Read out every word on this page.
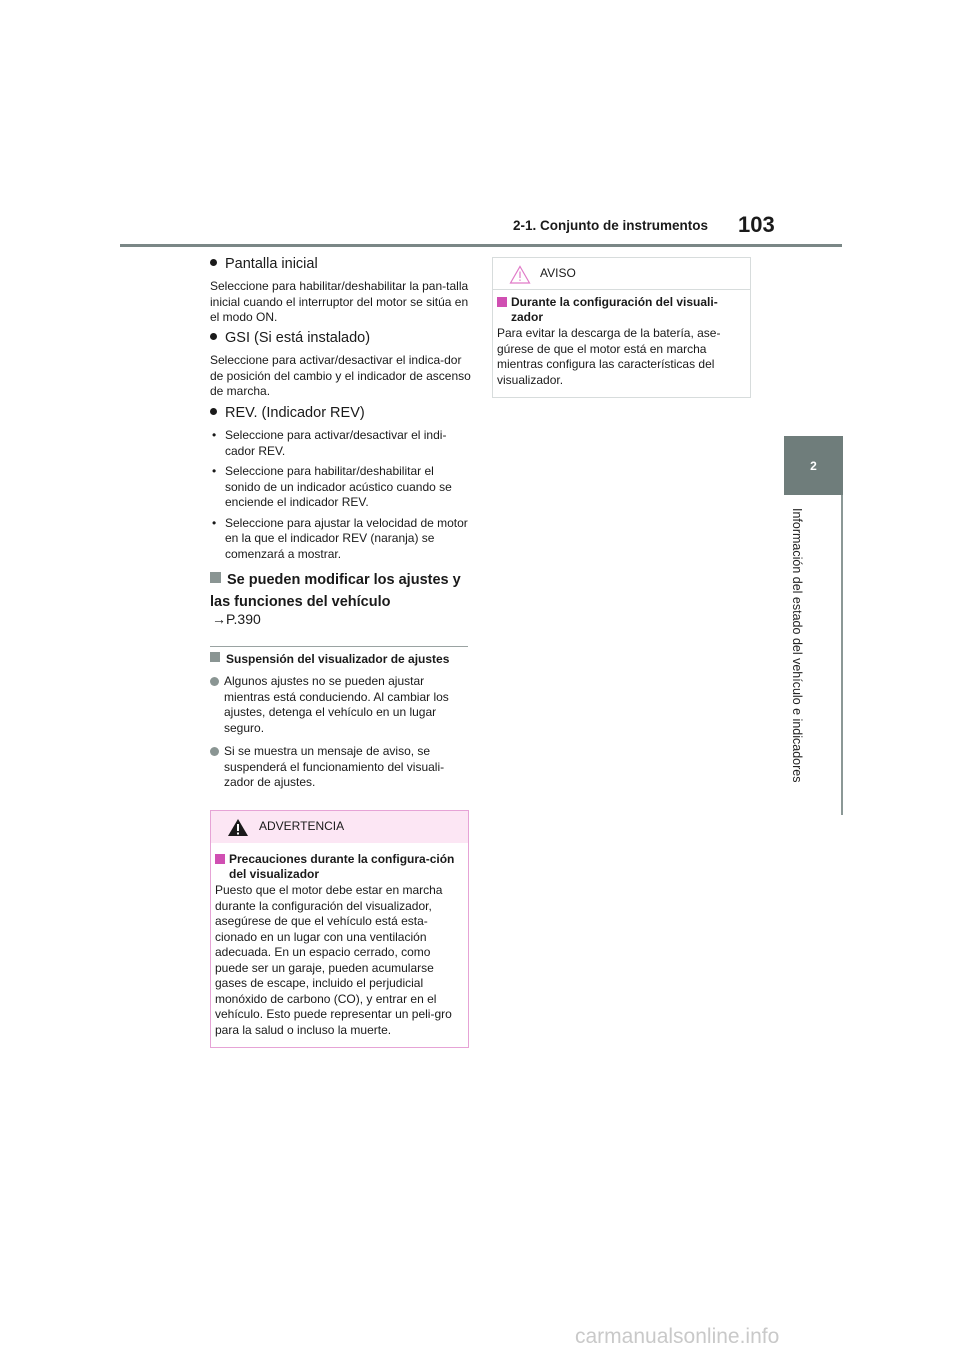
2-1. Conjunto de instrumentos 103
2
Información del estado del vehículo e indicadores
Pantalla inicial
Seleccione para habilitar/deshabilitar la pan-talla inicial cuando el interruptor del motor se sitúa en el modo ON.
GSI (Si está instalado)
Seleccione para activar/desactivar el indica-dor de posición del cambio y el indicador de ascenso de marcha.
REV. (Indicador REV)
• Seleccione para activar/desactivar el indi-cador REV.
• Seleccione para habilitar/deshabilitar el sonido de un indicador acústico cuando se enciende el indicador REV.
• Seleccione para ajustar la velocidad de motor en la que el indicador REV (naranja) se comenzará a mostrar.
Se pueden modificar los ajustes y las funciones del vehículo
→P.390
Suspensión del visualizador de ajustes
Algunos ajustes no se pueden ajustar mientras está conduciendo. Al cambiar los ajustes, detenga el vehículo en un lugar seguro.
Si se muestra un mensaje de aviso, se suspenderá el funcionamiento del visuali-zador de ajustes.
ADVERTENCIA
Precauciones durante la configura-ción del visualizador
Puesto que el motor debe estar en marcha durante la configuración del visualizador, asegúrese de que el vehículo está esta-cionado en un lugar con una ventilación adecuada. En un espacio cerrado, como puede ser un garaje, pueden acumularse gases de escape, incluido el perjudicial monóxido de carbono (CO), y entrar en el vehículo. Esto puede representar un peli-gro para la salud o incluso la muerte.
AVISO
Durante la configuración del visuali-zador
Para evitar la descarga de la batería, ase-gúrese de que el motor está en marcha mientras configura las características del visualizador.
carmanualsonline.info
